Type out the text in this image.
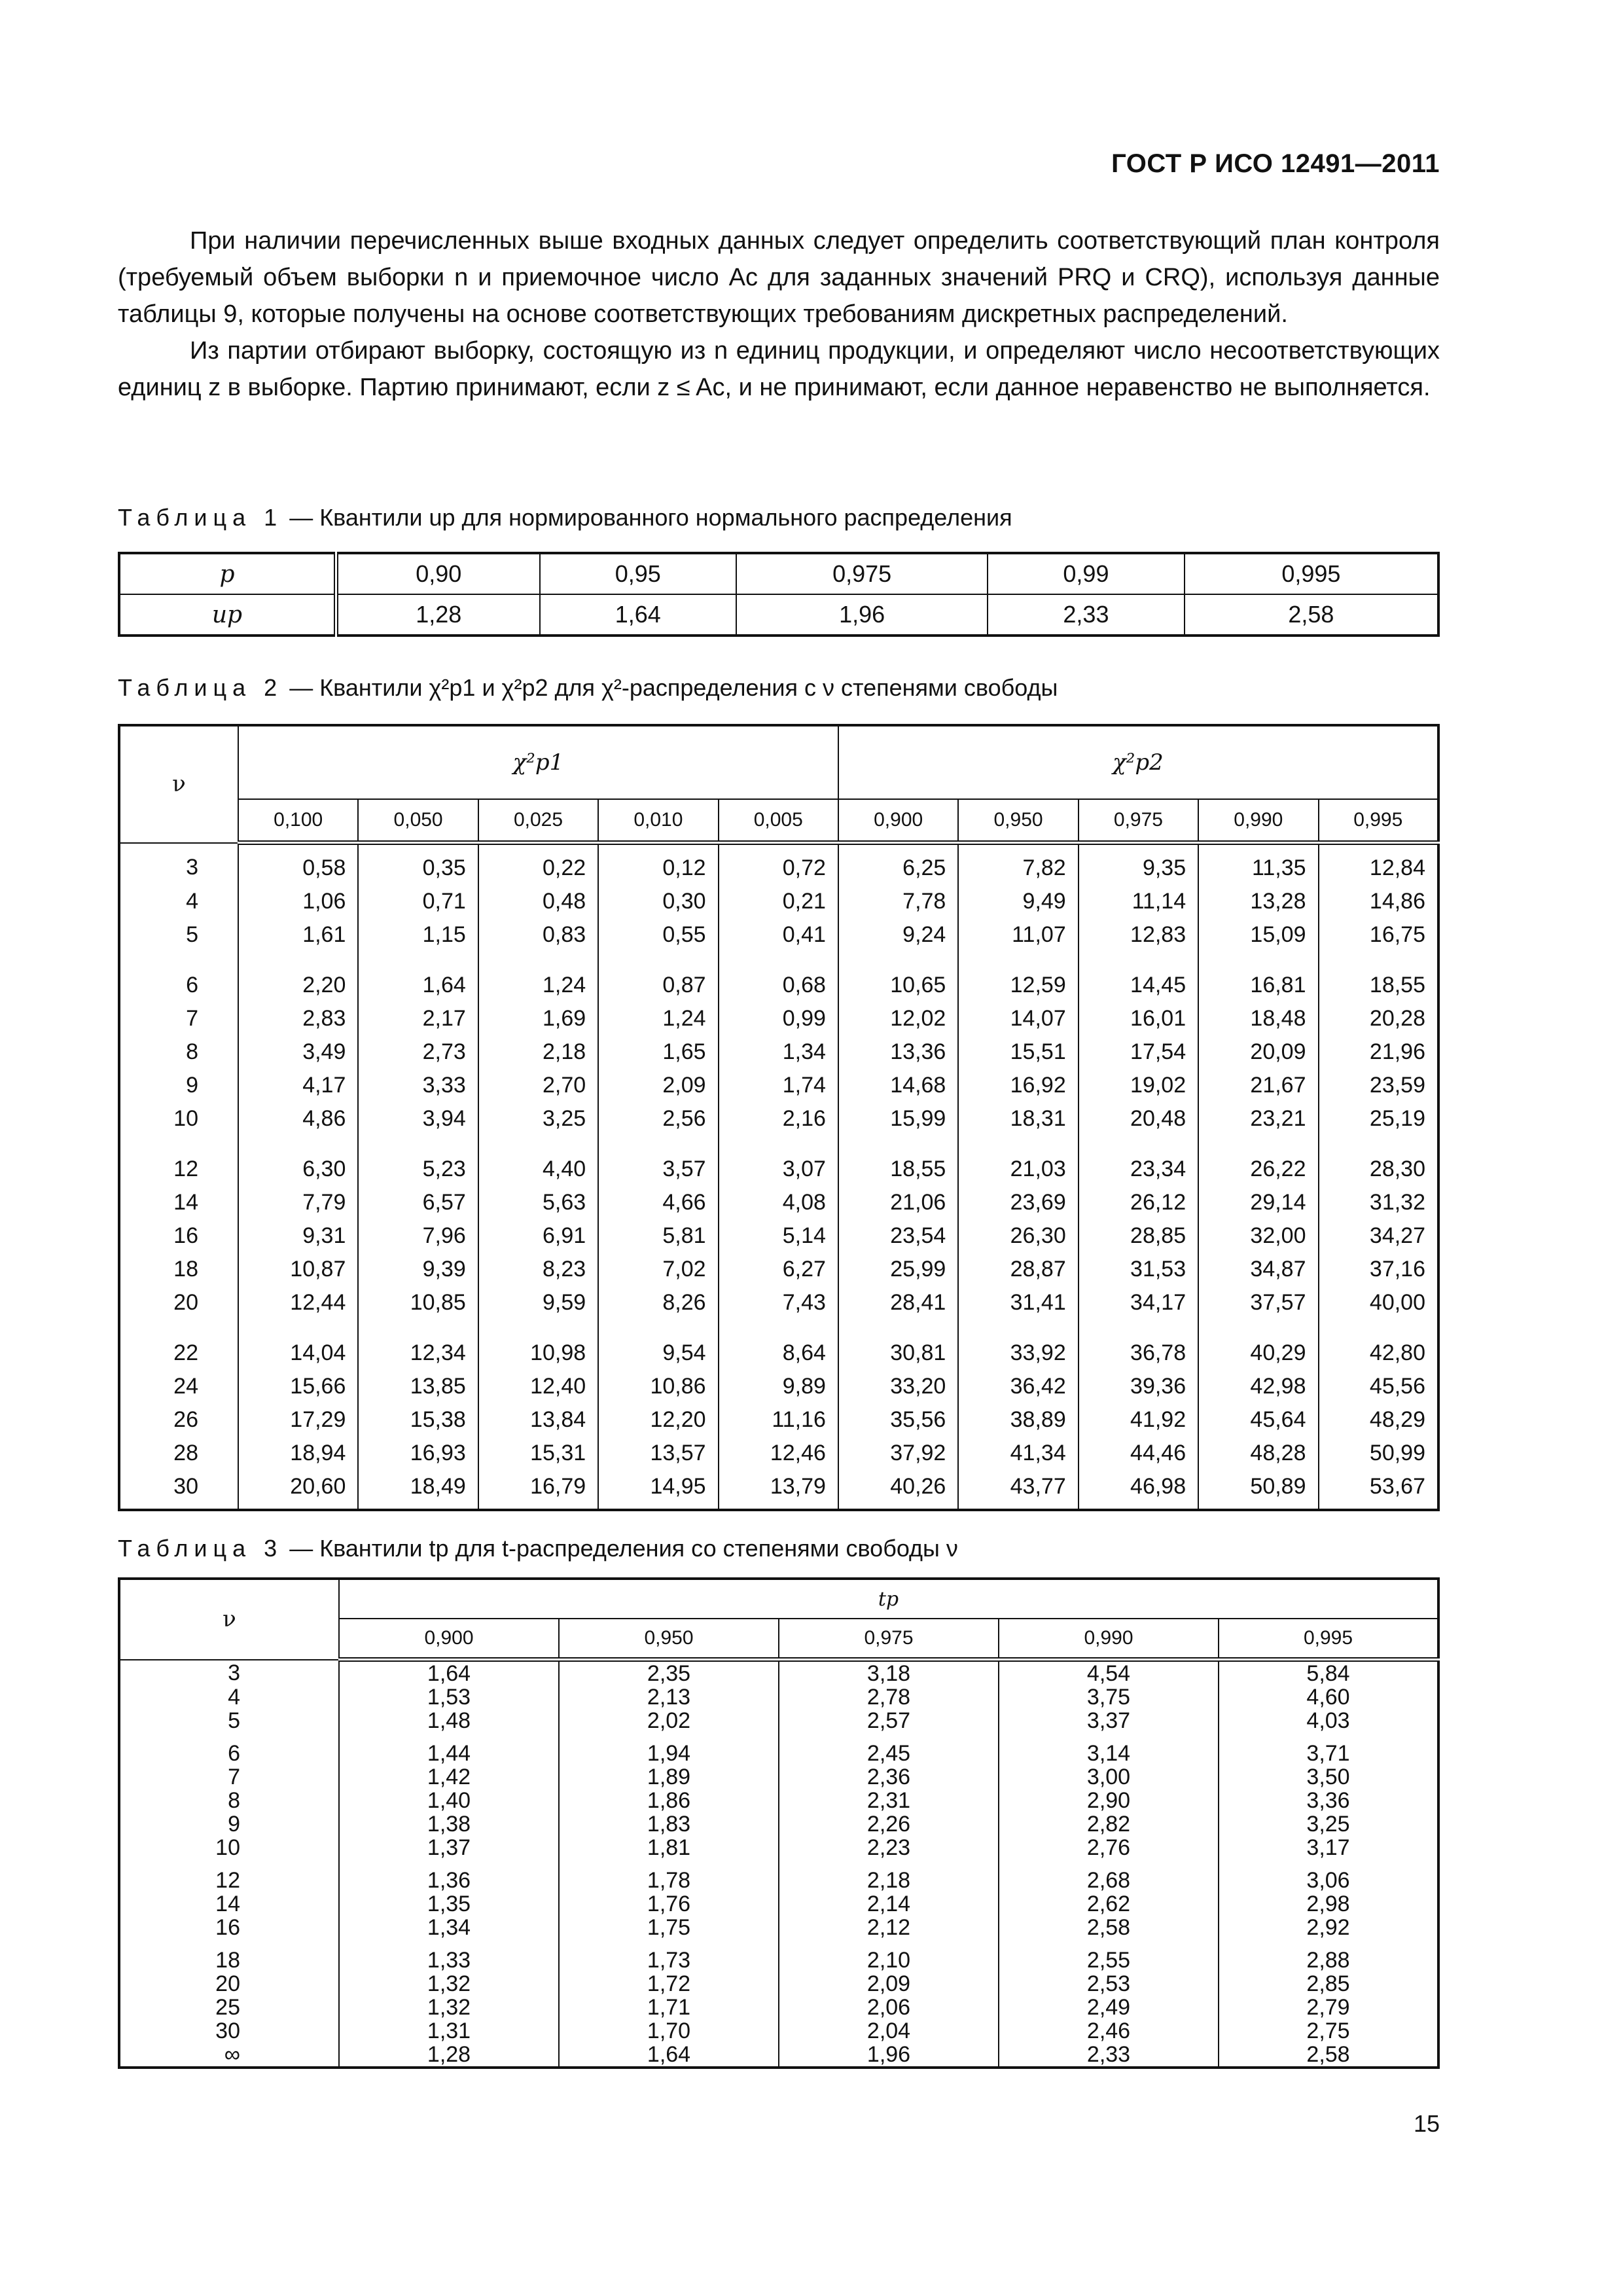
ГОСТ Р ИСО 12491—2011

При наличии перечисленных выше входных данных следует определить соответствующий план контроля (требуемый объем выборки n и приемочное число Ac для заданных значений PRQ и CRQ), используя данные таблицы 9, которые получены на основе соответствующих требованиям дискретных распределений.

Из партии отбирают выборку, состоящую из n единиц продукции, и определяют число несоответствующих единиц z в выборке. Партию принимают, если z ≤ Ac, и не принимают, если данное неравенство не выполняется.

Таблица 1 — Квантили up для нормированного нормального распределения
p	0,90	0,95	0,975	0,99	0,995
up	1,28	1,64	1,96	2,33	2,58
Таблица 2 — Квантили χ²p1 и χ²p2 для χ²-распределения с ν степенями свободы
ν	χ²p1					χ²p2				
	0,100	0,050	0,025	0,010	0,005	0,900	0,950	0,975	0,990	0,995
3	0,58	0,35	0,22	0,12	0,72	6,25	7,82	9,35	11,35	12,84
4	1,06	0,71	0,48	0,30	0,21	7,78	9,49	11,14	13,28	14,86
5	1,61	1,15	0,83	0,55	0,41	9,24	11,07	12,83	15,09	16,75
6	2,20	1,64	1,24	0,87	0,68	10,65	12,59	14,45	16,81	18,55
7	2,83	2,17	1,69	1,24	0,99	12,02	14,07	16,01	18,48	20,28
8	3,49	2,73	2,18	1,65	1,34	13,36	15,51	17,54	20,09	21,96
9	4,17	3,33	2,70	2,09	1,74	14,68	16,92	19,02	21,67	23,59
10	4,86	3,94	3,25	2,56	2,16	15,99	18,31	20,48	23,21	25,19
12	6,30	5,23	4,40	3,57	3,07	18,55	21,03	23,34	26,22	28,30
14	7,79	6,57	5,63	4,66	4,08	21,06	23,69	26,12	29,14	31,32
16	9,31	7,96	6,91	5,81	5,14	23,54	26,30	28,85	32,00	34,27
18	10,87	9,39	8,23	7,02	6,27	25,99	28,87	31,53	34,87	37,16
20	12,44	10,85	9,59	8,26	7,43	28,41	31,41	34,17	37,57	40,00
22	14,04	12,34	10,98	9,54	8,64	30,81	33,92	36,78	40,29	42,80
24	15,66	13,85	12,40	10,86	9,89	33,20	36,42	39,36	42,98	45,56
26	17,29	15,38	13,84	12,20	11,16	35,56	38,89	41,92	45,64	48,29
28	18,94	16,93	15,31	13,57	12,46	37,92	41,34	44,46	48,28	50,99
30	20,60	18,49	16,79	14,95	13,79	40,26	43,77	46,98	50,89	53,67
Таблица 3 — Квантили tp для t-распределения со степенями свободы ν
ν	tp				
	0,900	0,950	0,975	0,990	0,995
3	1,64	2,35	3,18	4,54	5,84
4	1,53	2,13	2,78	3,75	4,60
5	1,48	2,02	2,57	3,37	4,03
6	1,44	1,94	2,45	3,14	3,71
7	1,42	1,89	2,36	3,00	3,50
8	1,40	1,86	2,31	2,90	3,36
9	1,38	1,83	2,26	2,82	3,25
10	1,37	1,81	2,23	2,76	3,17
12	1,36	1,78	2,18	2,68	3,06
14	1,35	1,76	2,14	2,62	2,98
16	1,34	1,75	2,12	2,58	2,92
18	1,33	1,73	2,10	2,55	2,88
20	1,32	1,72	2,09	2,53	2,85
25	1,32	1,71	2,06	2,49	2,79
30	1,31	1,70	2,04	2,46	2,75
∞	1,28	1,64	1,96	2,33	2,58
15
